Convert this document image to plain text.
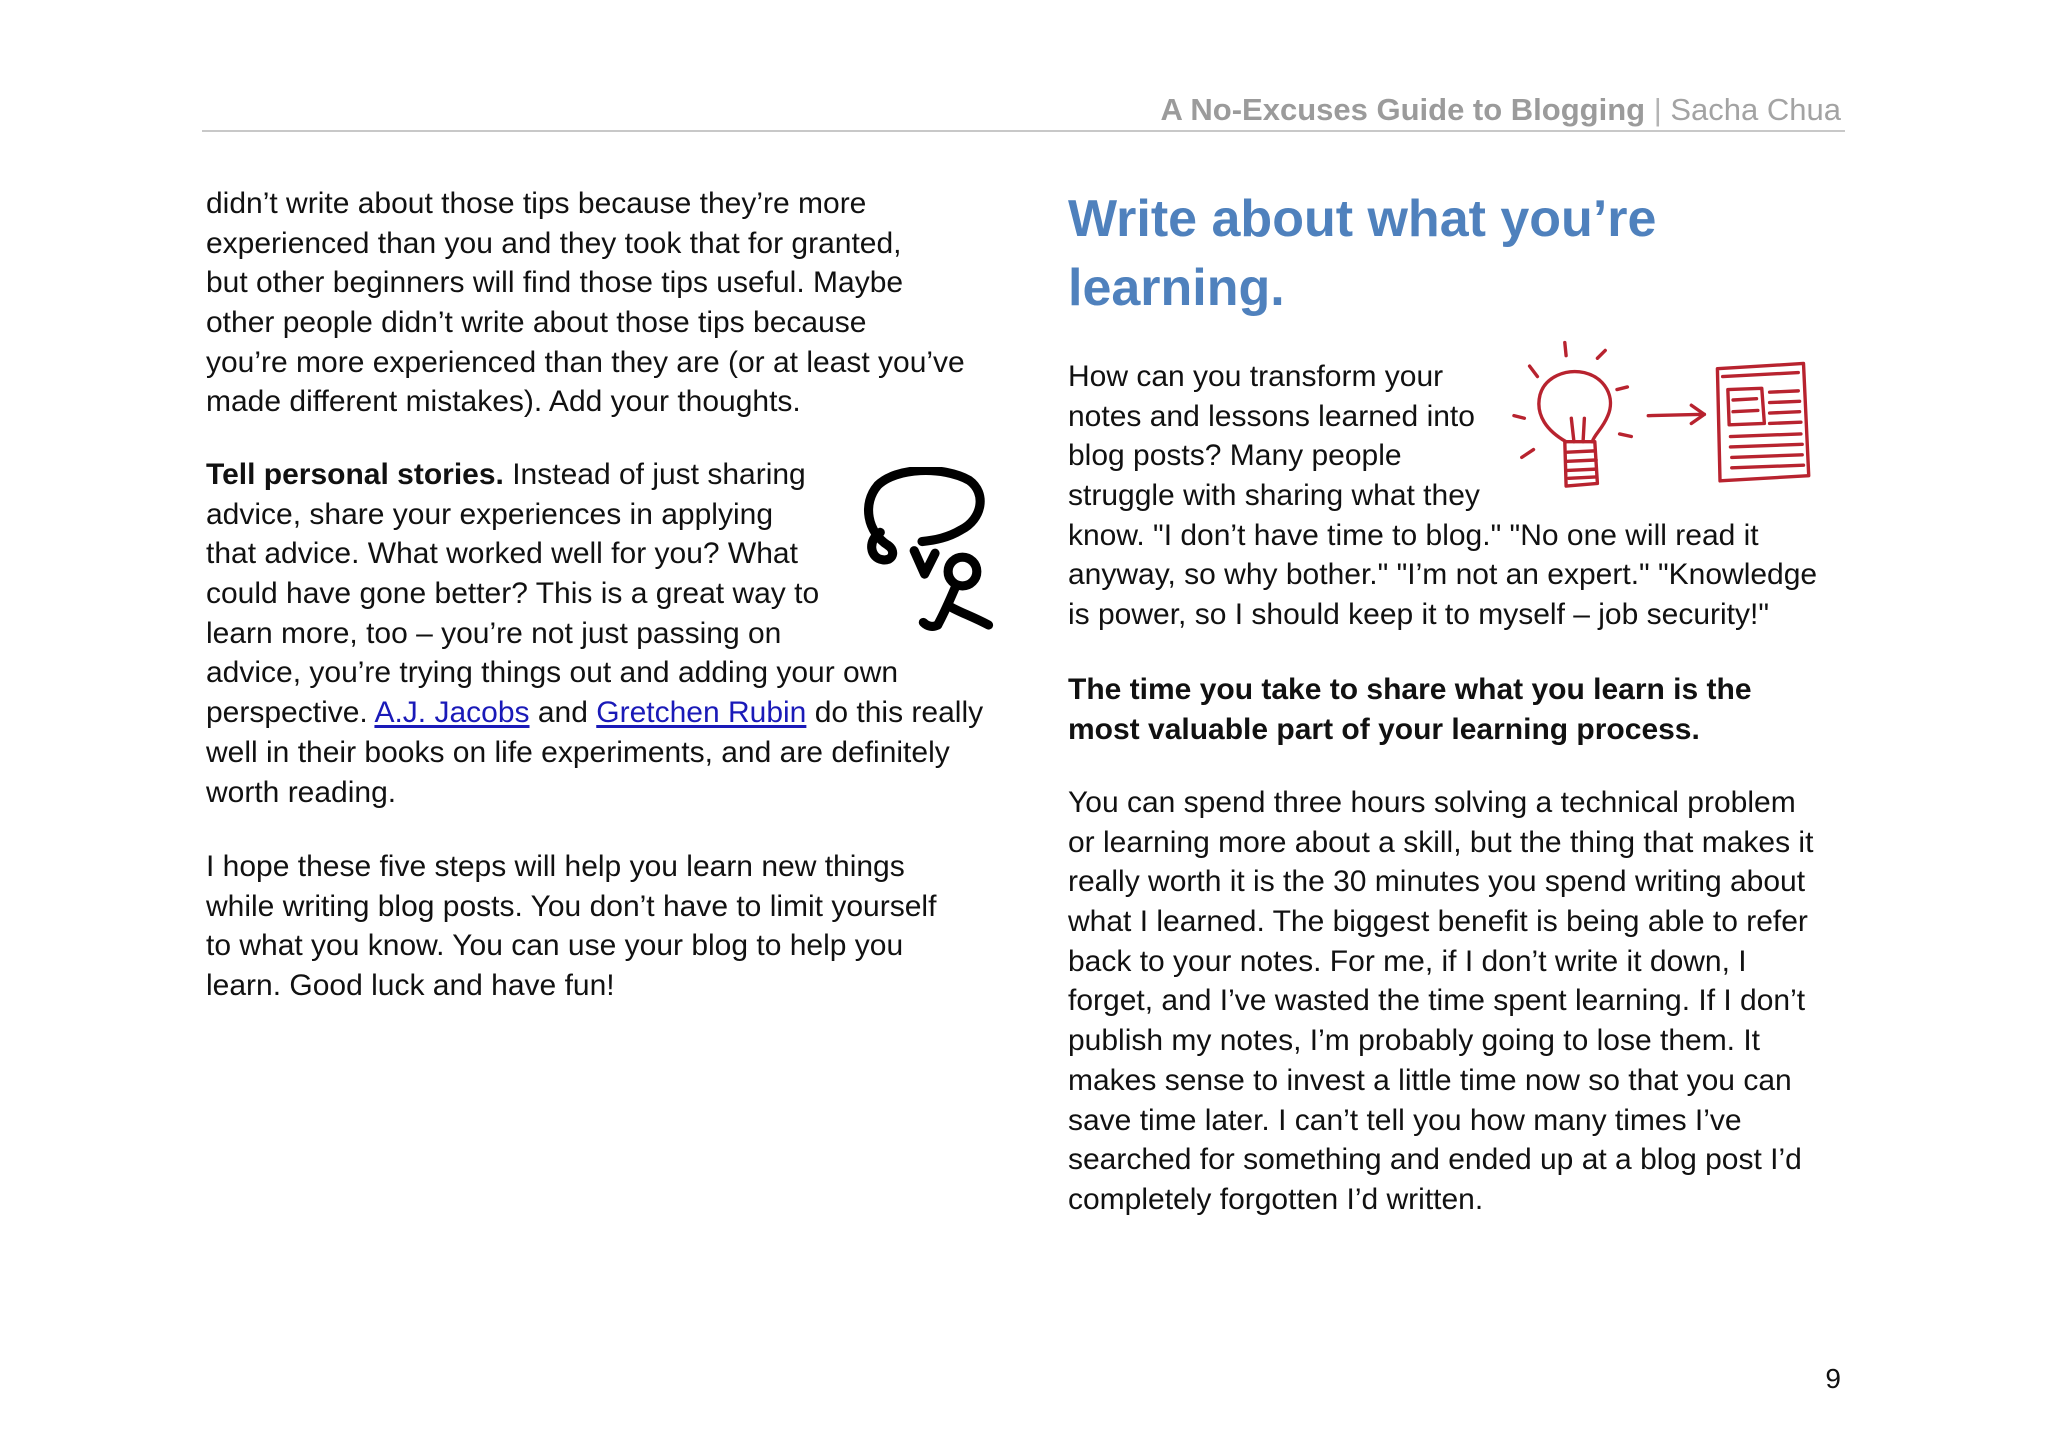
A No-Excuses Guide to Blogging | Sacha Chua
didn’t write about those tips because they’re more
experienced than you and they took that for granted,
but other beginners will find those tips useful. Maybe
other people didn’t write about those tips because
you’re more experienced than they are (or at least you’ve
made different mistakes). Add your thoughts.
Tell personal stories. Instead of just sharing
advice, share your experiences in applying
that advice. What worked well for you? What
could have gone better? This is a great way to
learn more, too – you’re not just passing on
advice, you’re trying things out and adding your own
perspective. A.J. Jacobs and Gretchen Rubin do this really
well in their books on life experiments, and are definitely
worth reading.
I hope these five steps will help you learn new things
while writing blog posts. You don’t have to limit yourself
to what you know. You can use your blog to help you
learn. Good luck and have fun!
Write about what you’re
learning.
How can you transform your
notes and lessons learned into
blog posts? Many people
struggle with sharing what they
know. "I don’t have time to blog." "No one will read it
anyway, so why bother." "I’m not an expert." "Knowledge
is power, so I should keep it to myself – job security!"
The time you take to share what you learn is the
most valuable part of your learning process.
You can spend three hours solving a technical problem
or learning more about a skill, but the thing that makes it
really worth it is the 30 minutes you spend writing about
what I learned. The biggest benefit is being able to refer
back to your notes. For me, if I don’t write it down, I
forget, and I’ve wasted the time spent learning. If I don’t
publish my notes, I’m probably going to lose them. It
makes sense to invest a little time now so that you can
save time later. I can’t tell you how many times I’ve
searched for something and ended up at a blog post I’d
completely forgotten I’d written.
9
